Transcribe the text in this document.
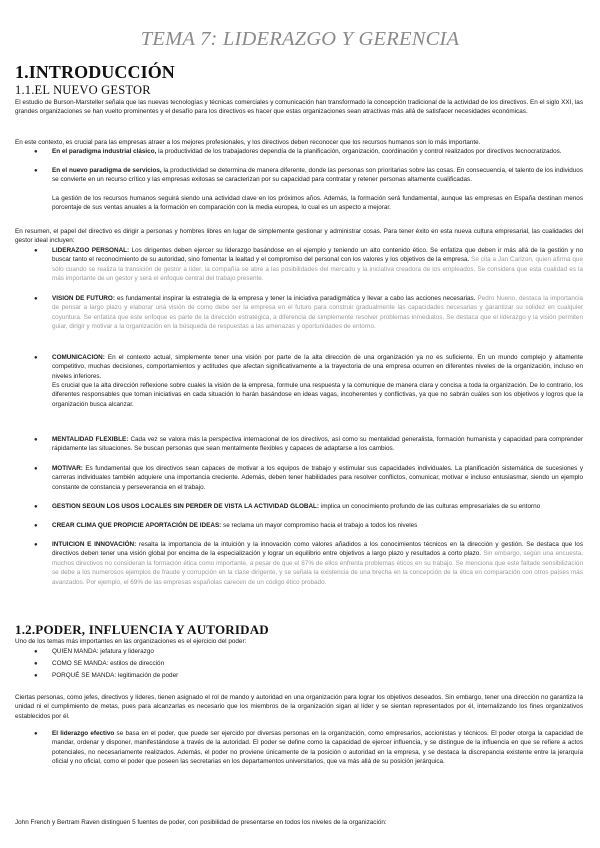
TEMA 7: LIDERAZGO Y GERENCIA
1.INTRODUCCIÓN
1.1.EL NUEVO GESTOR
El estudio de Burson-Marsteller señala que las nuevas tecnologías y técnicas comerciales y comunicación han transformado la concepción tradicional de la actividad de los directivos. En el siglo XXI, las grandes organizaciones se han vuelto prominentes y el desafío para los directivos es hacer que estas organizaciones sean atractivas más allá de satisfacer necesidades económicas.
En este contexto, es crucial para las empresas atraer a los mejores profesionales, y los directivos deben reconocer que los recursos humanos son lo más importante.
● En el paradigma industrial clásico, la productividad de los trabajadores dependía de la planificación, organización, coordinación y control realizados por directivos tecnocratizados.
● En el nuevo paradigma de servicios, la productividad se determina de manera diferente, donde las personas son prioritarias sobre las cosas. En consecuencia, el talento de los individuos se convierte en un recurso crítico y las empresas exitosas se caracterizan por su capacidad para contratar y retener personas altamente cualificadas.
La gestión de los recursos humanos seguirá siendo una actividad clave en los próximos años. Además, la formación será fundamental, aunque las empresas en España destinan menos porcentaje de sus ventas anuales a la formación en comparación con la media europea, lo cual es un aspecto a mejorar.
En resumen, el papel del directivo es dirigir a personas y hombres libres en lugar de simplemente gestionar y administrar cosas. Para tener éxito en esta nueva cultura empresarial, las cualidades del gestor ideal incluyen:
● LIDERAZGO PERSONAL: Los dirigentes deben ejercer su liderazgo basándose en el ejemplo y teniendo un alto contenido ético. Se enfatiza que deben ir más allá de la gestión y no buscar tanto el reconocimiento de su autoridad, sino fomentar la lealtad y el compromiso del personal con los valores y los objetivos de la empresa. Se cita a Jan Carlzon, quien afirma que sólo cuando se realiza la transición de gestor a líder, la compañía se abre a las posibilidades del mercado y la iniciativa creadora de los empleados. Se considera que esta cualidad es la más importante de un gestor y será el enfoque central del trabajo presente.
● VISION DE FUTURO: es fundamental inspirar la estrategia de la empresa y tener la iniciativa paradigmática y llevar a cabo las acciones necesarias. Pedro Nueno, destaca la importancia de pensar a largo plazo y elaborar una visión de como debe ser la empresa en el futuro para construir gradualmente las capacidades necesarias y garantizar su solidez en cualquier coyuntura. Se enfatiza que este enfoque es parte de la dirección estratégica, a diferencia de simplemente resolver problemas inmediatos. Se destaca que el liderazgo y la visión permiten guiar, dirigir y motivar a la organización en la búsqueda de respuestas a las amenazas y oportunidades de entorno.
● COMUNICACION: En el contexto actual, simplemente tener una visión por parte de la alta dirección de una organización ya no es suficiente. En un mundo complejo y altamente competitivo, muchas decisiones, comportamientos y actitudes que afectan significativamente a la trayectoria de una empresa ocurren en diferentes niveles de la organización, incluso en niveles inferiores.
Es crucial que la alta dirección reflexione sobre cuales la visión de la empresa, formule una respuesta y la comunique de manera clara y concisa a toda la organización. De lo contrario, los diferentes responsables que toman iniciativas en cada situación lo harán basándose en ideas vagas, incoherentes y conflictivas, ya que no sabrán cuáles son los objetivos y logros que la organización busca alcanzar.
● MENTALIDAD FLEXIBLE: Cada vez se valora más la perspectiva internacional de los directivos, así como su mentalidad generalista, formación humanista y capacidad para comprender rápidamente las situaciones. Se buscan personas que sean mentalmente flexibles y capaces de adaptarse a los cambios.
● MOTIVAR: Es fundamental que los directivos sean capaces de motivar a los equipos de trabajo y estimular sus capacidades individuales. La planificación sistemática de sucesiones y carreras individuales también adquiere una importancia creciente. Además, deben tener habilidades para resolver conflictos, comunicar, motivar e incluso entusiasmar, siendo un ejemplo constante de constancia y perseverancia en el trabajo.
● GESTION SEGUN LOS USOS LOCALES SIN PERDER DE VISTA LA ACTIVIDAD GLOBAL: implica un conocimiento profundo de las culturas empresariales de su entorno
● CREAR CLIMA QUE PROPICIE APORTACIÓN DE IDEAS: se reclama un mayor compromiso hacia el trabajo a todos los niveles
● INTUICION E INNOVACIÓN: resalta la importancia de la intuición y la innovación como valores añadidos a los conocimientos técnicos en la dirección y gestión. Se destaca que los directivos deben tener una visión global por encima de la especialización y lograr un equilibrio entre objetivos a largo plazo y resultados a corto plazo. Sin embargo, según una encuesta, muchos directivos no consideran la formación ética como importante, a pesar de que el 87% de ellos enfrenta problemas éticos en su trabajo. Se menciona que este faltade sensibilización se debe a los numerosos ejemplos de fraude y corrupción en la clase dirigente, y se señala la existencia de una brecha en la concepción de la ética en comparación con otros países más avanzados. Por ejemplo, el 69% de las empresas españolas carecen de un código ético probado.
1.2.PODER, INFLUENCIA Y AUTORIDAD
Uno de los temas más importantes en las organizaciones es el ejercicio del poder:
● QUIEN MANDA: jefatura y liderazgo
● COMO SE MANDA: estilos de dirección
● PORQUÉ SE MANDA: legitimación de poder
Ciertas personas, como jefes, directivos y líderes, tienen asignado el rol de mando y autoridad en una organización para lograr los objetivos deseados. Sin embargo, tener una dirección no garantiza la unidad ni el cumplimiento de metas, pues para alcanzarlas es necesario que los miembros de la organización sigan al líder y se sientan representados por él, internalizando los fines organizativos establecidos por él.
● El liderazgo efectivo se basa en el poder, que puede ser ejercido por diversas personas en la organización, como empresarios, accionistas y técnicos. El poder otorga la capacidad de mandar, ordenar y disponer, manifestándose a través de la autoridad. El poder se define como la capacidad de ejercer influencia, y se distingue de la influencia en que se refiere a actos potenciales, no necesariamente realizados. Además, el poder no proviene únicamente de la posición o autoridad en la empresa, y se destaca la discrepancia existente entre la jerarquía oficial y no oficial, como el poder que poseen las secretarias en los departamentos universitarios, que va más allá de su posición jerárquica.
John French y Bertram Raven distinguen 5 fuentes de poder, con posibilidad de presentarse en todos los niveles de la organización:
